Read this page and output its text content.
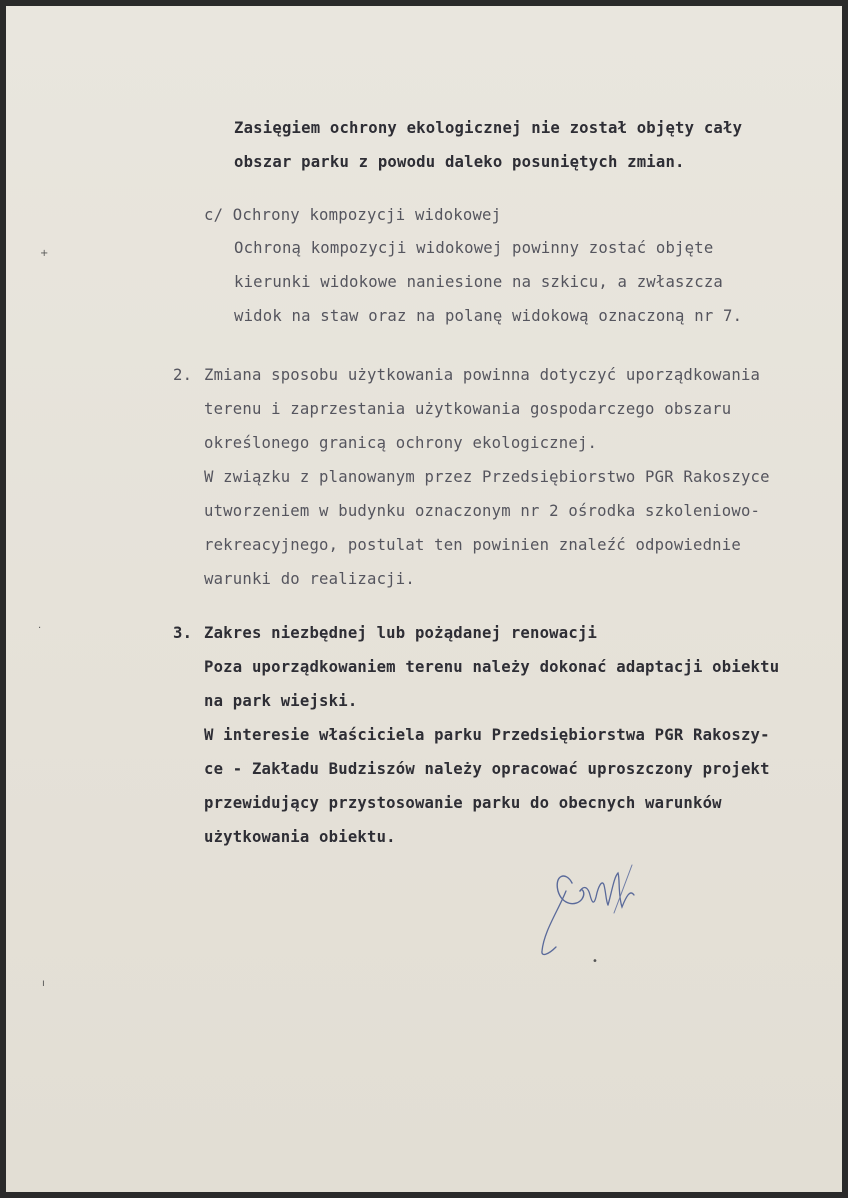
+
·
ı
•
Zasięgiem ochrony ekologicznej nie został objęty cały
obszar parku z powodu daleko posuniętych zmian.
c/ Ochrony kompozycji widokowej
Ochroną kompozycji widokowej powinny zostać objęte
kierunki widokowe naniesione na szkicu, a zwłaszcza
widok na staw oraz na polanę widokową oznaczoną nr 7.
2. Zmiana sposobu użytkowania powinna dotyczyć uporządkowania
terenu i zaprzestania użytkowania gospodarczego obszaru
określonego granicą ochrony ekologicznej.
W związku z planowanym przez Przedsiębiorstwo PGR Rakoszyce
utworzeniem w budynku oznaczonym nr 2 ośrodka szkoleniowo-
rekreacyjnego, postulat ten powinien znaleźć odpowiednie
warunki do realizacji.
3. Zakres niezbędnej lub pożądanej renowacji
Poza uporządkowaniem terenu należy dokonać adaptacji obiektu
na park wiejski.
W interesie właściciela parku Przedsiębiorstwa PGR Rakoszy-
ce - Zakładu Budziszów należy opracować uproszczony projekt
przewidujący przystosowanie parku do obecnych warunków
użytkowania obiektu.
